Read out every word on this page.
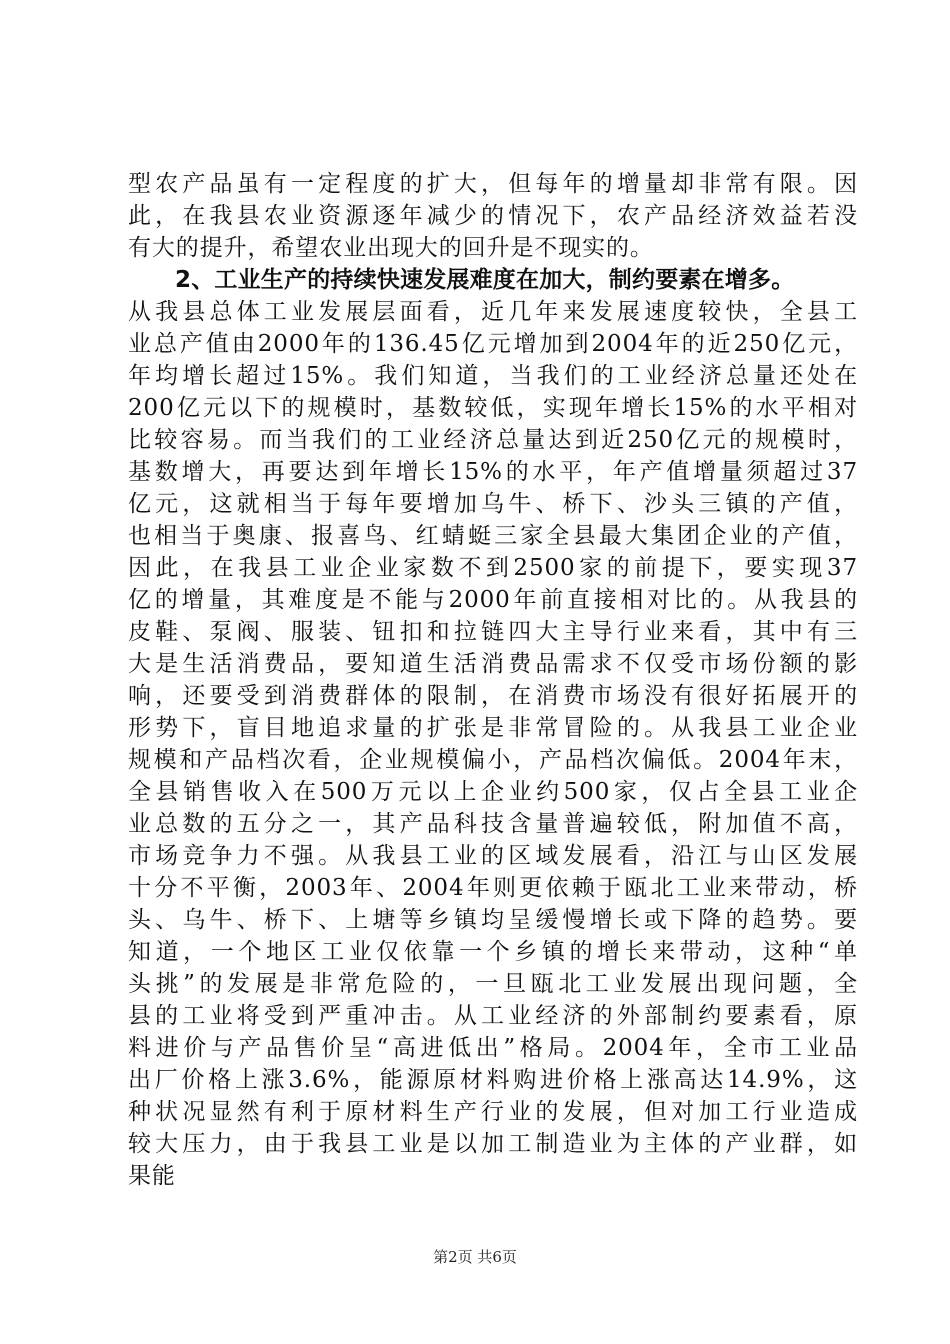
型农产品虽有一定程度的扩大，但每年的增量却非常有限。因
此，在我县农业资源逐年减少的情况下，农产品经济效益若没
有大的提升，希望农业出现大的回升是不现实的。
2、工业生产的持续快速发展难度在加大，制约要素在增多。
从我县总体工业发展层面看，近几年来发展速度较快，全县工
业总产值由2000年的136.45亿元增加到2004年的近250亿元，
年均增长超过15%。我们知道，当我们的工业经济总量还处在
200亿元以下的规模时，基数较低，实现年增长15%的水平相对
比较容易。而当我们的工业经济总量达到近250亿元的规模时，
基数增大，再要达到年增长15%的水平，年产值增量须超过37
亿元，这就相当于每年要增加乌牛、桥下、沙头三镇的产值，
也相当于奥康、报喜鸟、红蜻蜓三家全县最大集团企业的产值，
因此，在我县工业企业家数不到2500家的前提下，要实现37
亿的增量，其难度是不能与2000年前直接相对比的。从我县的
皮鞋、泵阀、服装、钮扣和拉链四大主导行业来看，其中有三
大是生活消费品，要知道生活消费品需求不仅受市场份额的影
响，还要受到消费群体的限制，在消费市场没有很好拓展开的
形势下，盲目地追求量的扩张是非常冒险的。从我县工业企业
规模和产品档次看，企业规模偏小，产品档次偏低。2004年末，
全县销售收入在500万元以上企业约500家，仅占全县工业企
业总数的五分之一，其产品科技含量普遍较低，附加值不高，
市场竞争力不强。从我县工业的区域发展看，沿江与山区发展
十分不平衡，2003年、2004年则更依赖于瓯北工业来带动，桥
头、乌牛、桥下、上塘等乡镇均呈缓慢增长或下降的趋势。要
知道，一个地区工业仅依靠一个乡镇的增长来带动，这种“单
头挑”的发展是非常危险的，一旦瓯北工业发展出现问题，全
县的工业将受到严重冲击。从工业经济的外部制约要素看，原
料进价与产品售价呈“高进低出”格局。2004年，全市工业品
出厂价格上涨3.6%，能源原材料购进价格上涨高达14.9%，这
种状况显然有利于原材料生产行业的发展，但对加工行业造成
较大压力，由于我县工业是以加工制造业为主体的产业群，如
果能
第2页 共6页
